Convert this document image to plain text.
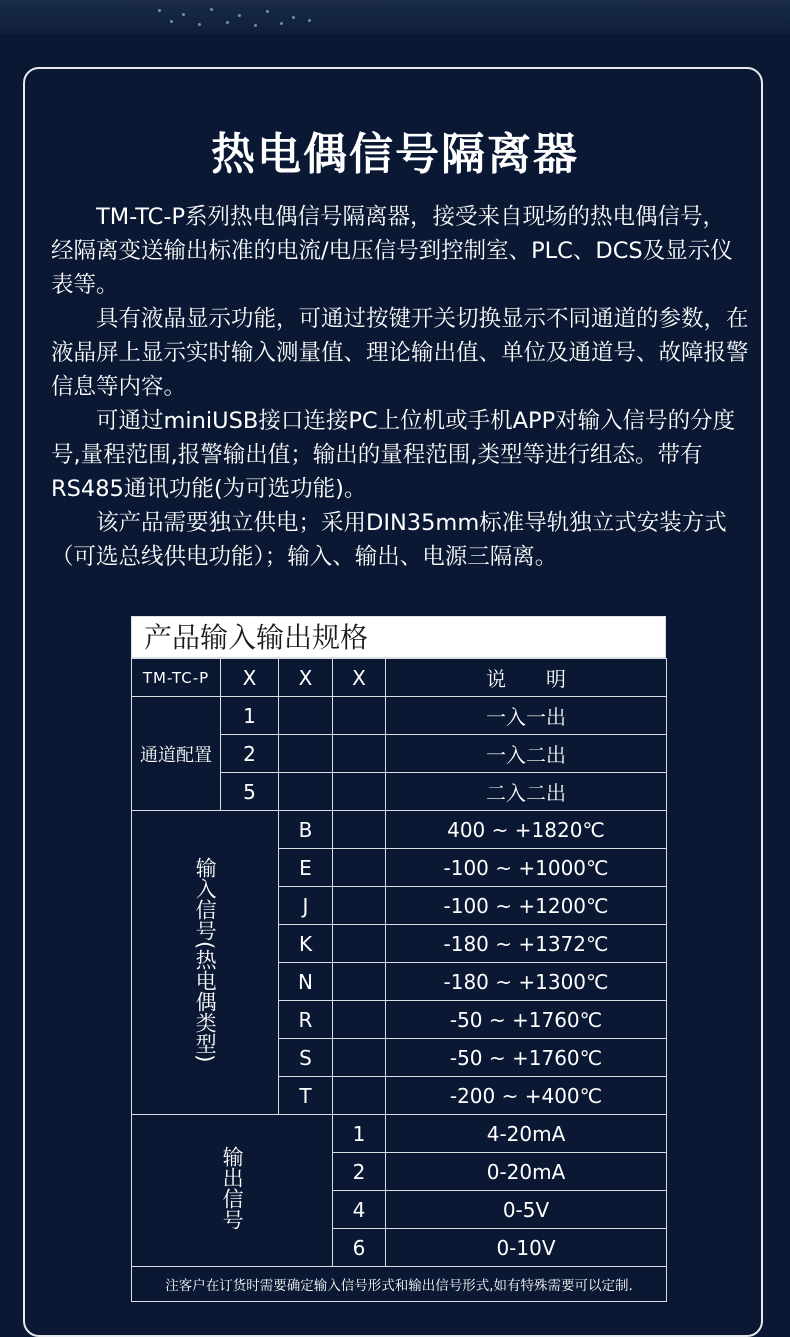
热电偶信号隔离器

TM-TC-P系列热电偶信号隔离器，接受来自现场的热电偶信号， 经隔离变送输出标准的电流/电压信号到控制室、PLC、DCS及显示仪表等。

具有液晶显示功能，可通过按键开关切换显示不同通道的参数，在液晶屏上显示实时输入测量值、理论输出值、单位及通道号、故障报警信息等内容。

可通过miniUSB接口连接PC上位机或手机APP对输入信号的分度号,量程范围,报警输出值；输出的量程范围,类型等进行组态。带有RS485通讯功能(为可选功能)。

该产品需要独立供电；采用DIN35mm标准导轨独立式安装方式（可选总线供电功能）；输入、输出、电源三隔离。

产品输入输出规格
TM-TC-P	X	X	X	说　　明
通道配置	1			一入一出
	2			一入二出
	5			二入二出
输入信号(热电偶类型)		B		400 ~ +1820℃
		E		-100 ~ +1000℃
		J		-100 ~ +1200℃
		K		-180 ~ +1372℃
		N		-180 ~ +1300℃
		R		-50 ~ +1760℃
		S		-50 ~ +1760℃
		T		-200 ~ +400℃
输出信号			1	4-20mA
			2	0-20mA
			4	0-5V
			6	0-10V
注客户在订货时需要确定输入信号形式和输出信号形式,如有特殊需要可以定制.				
